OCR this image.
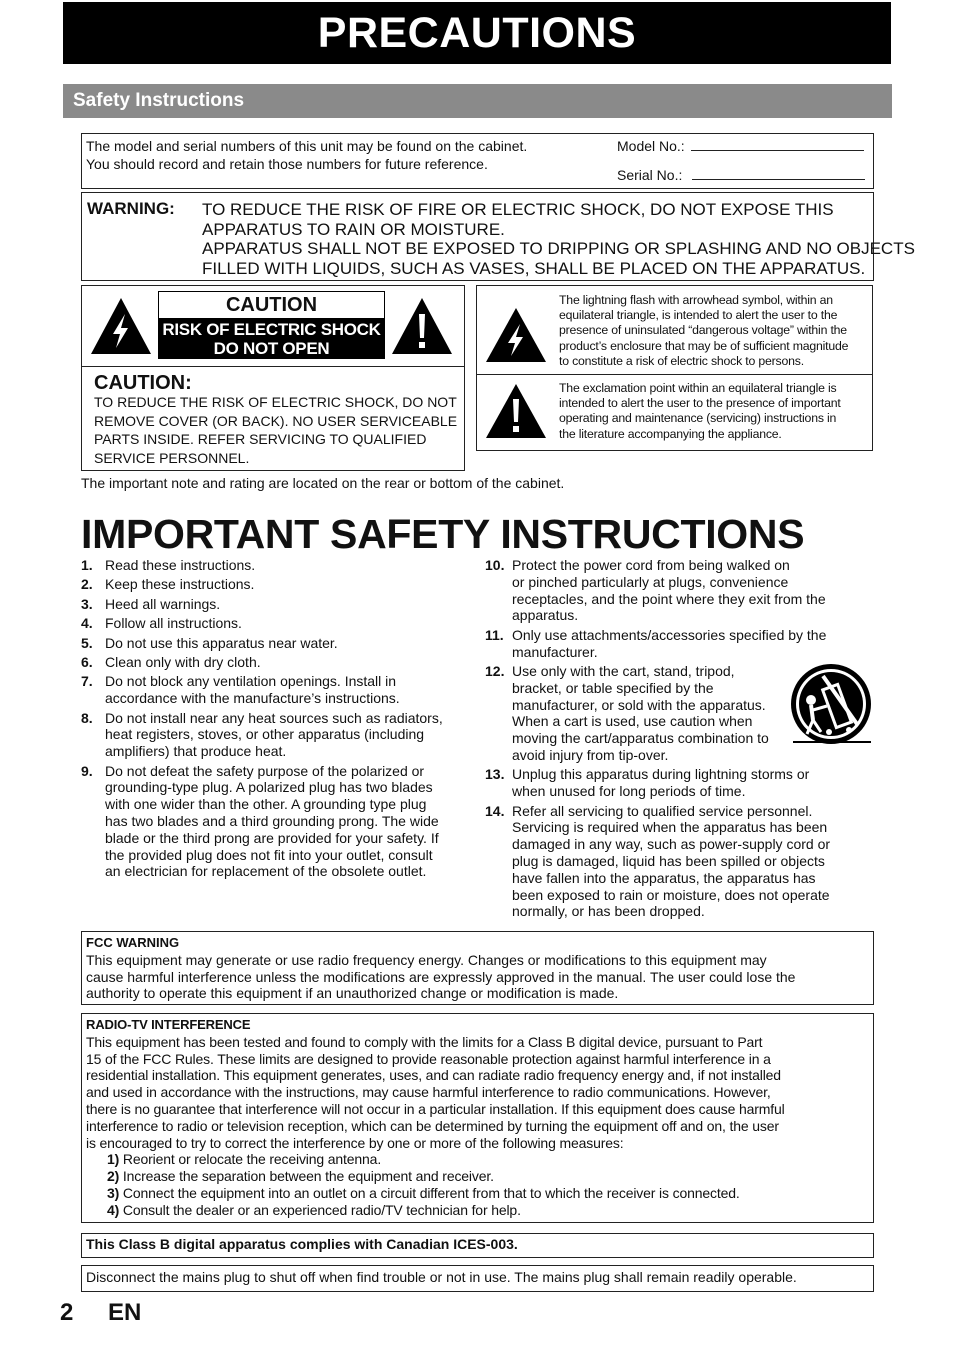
PRECAUTIONS
Safety Instructions
The model and serial numbers of this unit may be found on the cabinet.
You should record and retain those numbers for future reference.
Model No.:
Serial No.:
WARNING: TO REDUCE THE RISK OF FIRE OR ELECTRIC SHOCK, DO NOT EXPOSE THIS
APPARATUS TO RAIN OR MOISTURE.
APPARATUS SHALL NOT BE EXPOSED TO DRIPPING OR SPLASHING AND NO OBJECTS
FILLED WITH LIQUIDS, SUCH AS VASES, SHALL BE PLACED ON THE APPARATUS.
CAUTION:
TO REDUCE THE RISK OF ELECTRIC SHOCK, DO NOT
REMOVE COVER (OR BACK). NO USER SERVICEABLE
PARTS INSIDE. REFER SERVICING TO QUALIFIED
SERVICE PERSONNEL.
CAUTION
RISK OF ELECTRIC SHOCK
DO NOT OPEN
The lightning flash with arrowhead symbol, within an
equilateral triangle, is intended to alert the user to the
presence of uninsulated “dangerous voltage” within the
product’s enclosure that may be of sufficient magnitude
to constitute a risk of electric shock to persons.
The exclamation point within an equilateral triangle is
intended to alert the user to the presence of important
operating and maintenance (servicing) instructions in
the literature accompanying the appliance.
The important note and rating are located on the rear or bottom of the cabinet.
IMPORTANT SAFETY INSTRUCTIONS
1. Read these instructions.
2. Keep these instructions.
3. Heed all warnings.
4. Follow all instructions.
5. Do not use this apparatus near water.
6. Clean only with dry cloth.
7. Do not block any ventilation openings. Install in
accordance with the manufacture’s instructions.
8. Do not install near any heat sources such as radiators,
heat registers, stoves, or other apparatus (including
amplifiers) that produce heat.
9. Do not defeat the safety purpose of the polarized or
grounding-type plug. A polarized plug has two blades
with one wider than the other. A grounding type plug
has two blades and a third grounding prong. The wide
blade or the third prong are provided for your safety. If
the provided plug does not fit into your outlet, consult
an electrician for replacement of the obsolete outlet.
10. Protect the power cord from being walked on
or pinched particularly at plugs, convenience
receptacles, and the point where they exit from the
apparatus.
11. Only use attachments/accessories specified by the
manufacturer.
12. Use only with the cart, stand, tripod,
bracket, or table specified by the
manufacturer, or sold with the apparatus.
When a cart is used, use caution when
moving the cart/apparatus combination to
avoid injury from tip-over.
13. Unplug this apparatus during lightning storms or
when unused for long periods of time.
14. Refer all servicing to qualified service personnel.
Servicing is required when the apparatus has been
damaged in any way, such as power-supply cord or
plug is damaged, liquid has been spilled or objects
have fallen into the apparatus, the apparatus has
been exposed to rain or moisture, does not operate
normally, or has been dropped.
FCC WARNING
This equipment may generate or use radio frequency energy. Changes or modifications to this equipment may
cause harmful interference unless the modifications are expressly approved in the manual. The user could lose the
authority to operate this equipment if an unauthorized change or modification is made.
RADIO-TV INTERFERENCE
This equipment has been tested and found to comply with the limits for a Class B digital device, pursuant to Part
15 of the FCC Rules. These limits are designed to provide reasonable protection against harmful interference in a
residential installation. This equipment generates, uses, and can radiate radio frequency energy and, if not installed
and used in accordance with the instructions, may cause harmful interference to radio communications. However,
there is no guarantee that interference will not occur in a particular installation. If this equipment does cause harmful
interference to radio or television reception, which can be determined by turning the equipment off and on, the user
is encouraged to try to correct the interference by one or more of the following measures:
1) Reorient or relocate the receiving antenna.
2) Increase the separation between the equipment and receiver.
3) Connect the equipment into an outlet on a circuit different from that to which the receiver is connected.
4) Consult the dealer or an experienced radio/TV technician for help.
This Class B digital apparatus complies with Canadian ICES-003.
Disconnect the mains plug to shut off when find trouble or not in use. The mains plug shall remain readily operable.
2 EN
